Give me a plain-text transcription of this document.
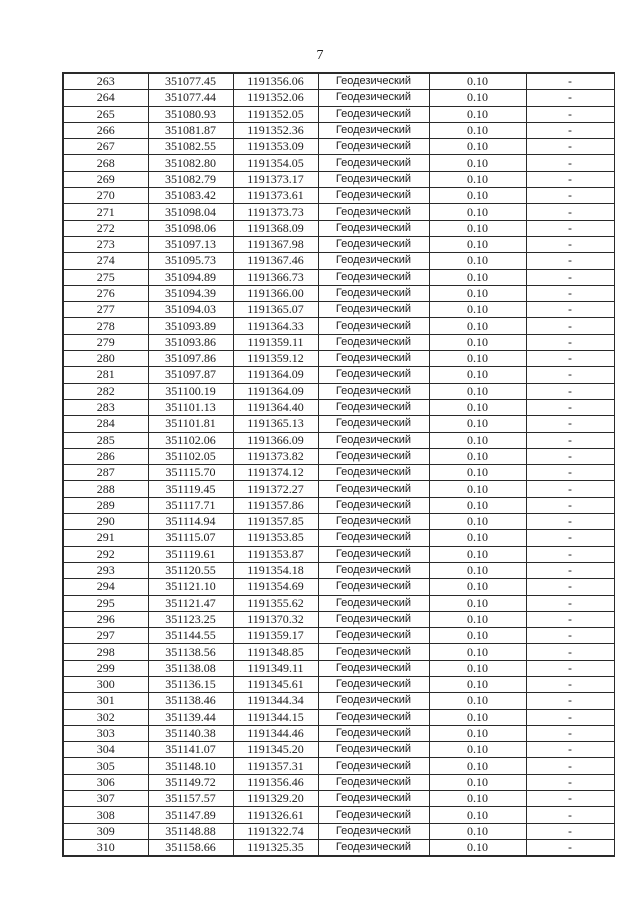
7
263	351077.45	1191356.06	Геодезический	0.10	-
264	351077.44	1191352.06	Геодезический	0.10	-
265	351080.93	1191352.05	Геодезический	0.10	-
266	351081.87	1191352.36	Геодезический	0.10	-
267	351082.55	1191353.09	Геодезический	0.10	-
268	351082.80	1191354.05	Геодезический	0.10	-
269	351082.79	1191373.17	Геодезический	0.10	-
270	351083.42	1191373.61	Геодезический	0.10	-
271	351098.04	1191373.73	Геодезический	0.10	-
272	351098.06	1191368.09	Геодезический	0.10	-
273	351097.13	1191367.98	Геодезический	0.10	-
274	351095.73	1191367.46	Геодезический	0.10	-
275	351094.89	1191366.73	Геодезический	0.10	-
276	351094.39	1191366.00	Геодезический	0.10	-
277	351094.03	1191365.07	Геодезический	0.10	-
278	351093.89	1191364.33	Геодезический	0.10	-
279	351093.86	1191359.11	Геодезический	0.10	-
280	351097.86	1191359.12	Геодезический	0.10	-
281	351097.87	1191364.09	Геодезический	0.10	-
282	351100.19	1191364.09	Геодезический	0.10	-
283	351101.13	1191364.40	Геодезический	0.10	-
284	351101.81	1191365.13	Геодезический	0.10	-
285	351102.06	1191366.09	Геодезический	0.10	-
286	351102.05	1191373.82	Геодезический	0.10	-
287	351115.70	1191374.12	Геодезический	0.10	-
288	351119.45	1191372.27	Геодезический	0.10	-
289	351117.71	1191357.86	Геодезический	0.10	-
290	351114.94	1191357.85	Геодезический	0.10	-
291	351115.07	1191353.85	Геодезический	0.10	-
292	351119.61	1191353.87	Геодезический	0.10	-
293	351120.55	1191354.18	Геодезический	0.10	-
294	351121.10	1191354.69	Геодезический	0.10	-
295	351121.47	1191355.62	Геодезический	0.10	-
296	351123.25	1191370.32	Геодезический	0.10	-
297	351144.55	1191359.17	Геодезический	0.10	-
298	351138.56	1191348.85	Геодезический	0.10	-
299	351138.08	1191349.11	Геодезический	0.10	-
300	351136.15	1191345.61	Геодезический	0.10	-
301	351138.46	1191344.34	Геодезический	0.10	-
302	351139.44	1191344.15	Геодезический	0.10	-
303	351140.38	1191344.46	Геодезический	0.10	-
304	351141.07	1191345.20	Геодезический	0.10	-
305	351148.10	1191357.31	Геодезический	0.10	-
306	351149.72	1191356.46	Геодезический	0.10	-
307	351157.57	1191329.20	Геодезический	0.10	-
308	351147.89	1191326.61	Геодезический	0.10	-
309	351148.88	1191322.74	Геодезический	0.10	-
310	351158.66	1191325.35	Геодезический	0.10	-
